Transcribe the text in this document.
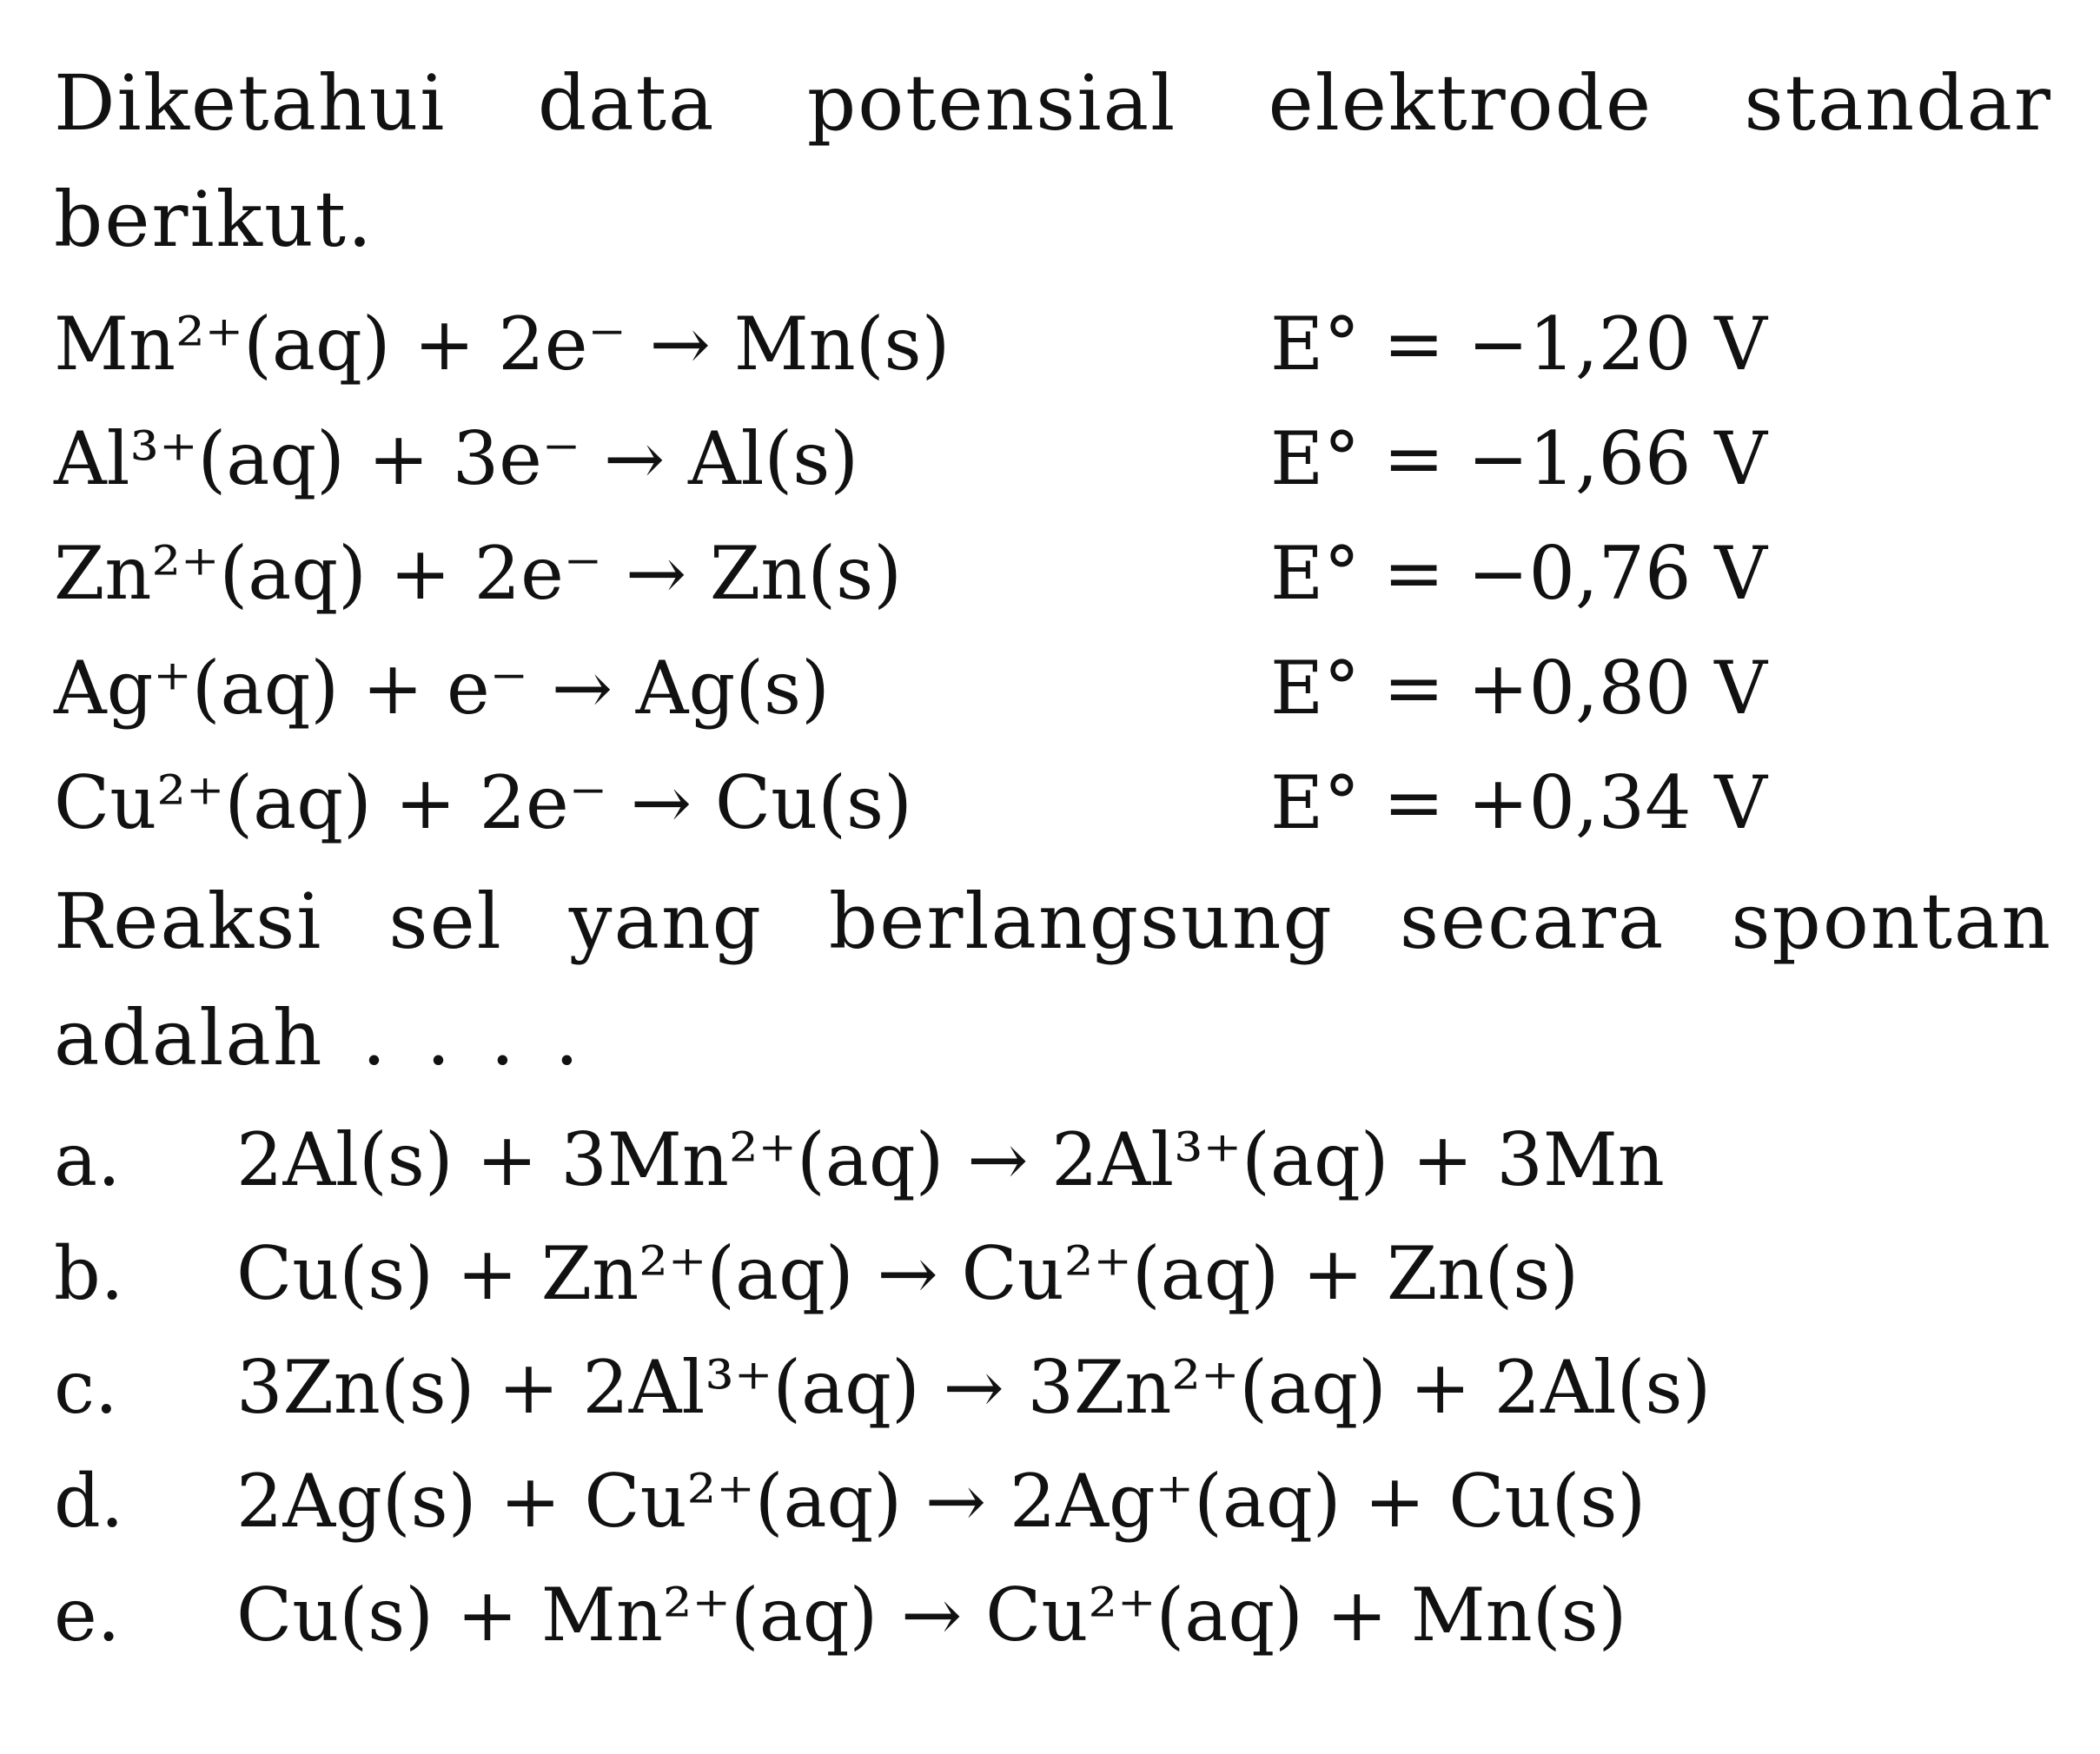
Diketahui data potensial elektrode standar berikut.

Mn²⁺(aq) + 2e⁻ → Mn(s)	E° = −1,20 V
Al³⁺(aq) + 3e⁻ → Al(s)	E° = −1,66 V
Zn²⁺(aq) + 2e⁻ → Zn(s)	E° = −0,76 V
Ag⁺(aq) + e⁻ → Ag(s)	E° = +0,80 V
Cu²⁺(aq) + 2e⁻ → Cu(s)	E° = +0,34 V

Reaksi sel yang berlangsung secara spontan adalah . . . .

a.	2Al(s) + 3Mn²⁺(aq) → 2Al³⁺(aq) + 3Mn
b.	Cu(s) + Zn²⁺(aq) → Cu²⁺(aq) + Zn(s)
c.	3Zn(s) + 2Al³⁺(aq) → 3Zn²⁺(aq) + 2Al(s)
d.	2Ag(s) + Cu²⁺(aq) → 2Ag⁺(aq) + Cu(s)
e.	Cu(s) + Mn²⁺(aq) → Cu²⁺(aq) + Mn(s)
